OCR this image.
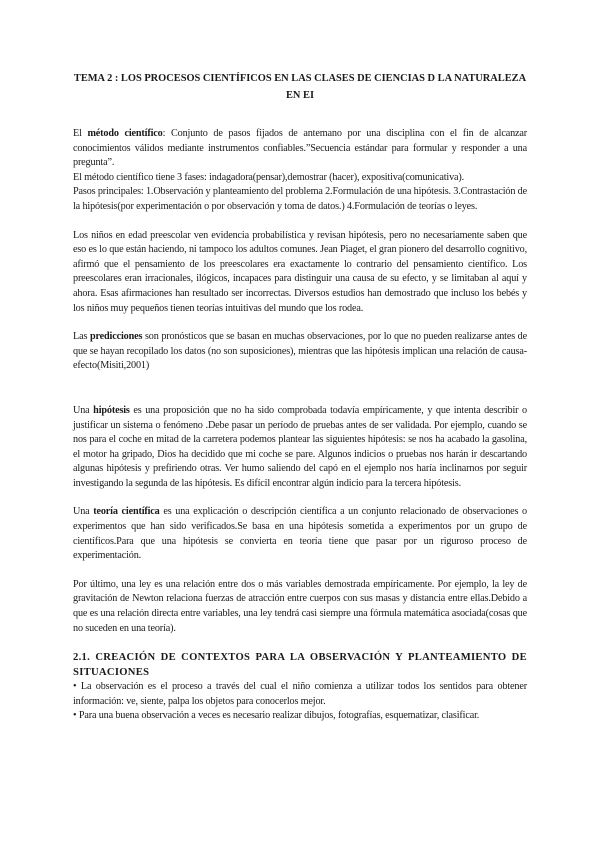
TEMA 2 : LOS PROCESOS CIENTÍFICOS EN LAS CLASES DE CIENCIAS D LA NATURALEZA EN EI

El método científico: Conjunto de pasos fijados de antemano por una disciplina con el fin de alcanzar conocimientos válidos mediante instrumentos confiables.”Secuencia estándar para formular y responder a una pregunta”.

El método científico tiene 3 fases: indagadora(pensar),demostrar (hacer), expositiva(comunicativa).

Pasos principales: 1.Observación y planteamiento del problema 2.Formulación de una hipótesis. 3.Contrastación de la hipótesis(por experimentación o por observación y toma de datos.) 4.Formulación de teorías o leyes.

Los niños en edad preescolar ven evidencia probabilística y revisan hipótesis, pero no necesariamente saben que eso es lo que están haciendo, ni tampoco los adultos comunes. Jean Piaget, el gran pionero del desarrollo cognitivo, afirmó que el pensamiento de los preescolares era exactamente lo contrario del pensamiento científico. Los preescolares eran irracionales, ilógicos, incapaces para distinguir una causa de su efecto, y se limitaban al aquí y ahora. Esas afirmaciones han resultado ser incorrectas. Diversos estudios han demostrado que incluso los bebés y los niños muy pequeños tienen teorías intuitivas del mundo que los rodea.

Las predicciones son pronósticos que se basan en muchas observaciones, por lo que no pueden realizarse antes de que se hayan recopilado los datos (no son suposiciones), mientras que las hipótesis implican una relación de causa-efecto(Misiti,2001)

Una hipótesis es una proposición que no ha sido comprobada todavía empíricamente, y que intenta describir o justificar un sistema o fenómeno .Debe pasar un período de pruebas antes de ser validada. Por ejemplo, cuando se nos para el coche en mitad de la carretera podemos plantear las siguientes hipótesis: se nos ha acabado la gasolina, el motor ha gripado, Dios ha decidido que mi coche se pare. Algunos indicios o pruebas nos harán ir descartando algunas hipótesis y prefiriendo otras. Ver humo saliendo del capó en el ejemplo nos haría inclinarnos por seguir investigando la segunda de las hipótesis. Es difícil encontrar algún indicio para la tercera hipótesis.

Una teoría científica es una explicación o descripción científica a un conjunto relacionado de observaciones o experimentos que han sido verificados.Se basa en una hipótesis sometida a experimentos por un grupo de científicos.Para que una hipótesis se convierta en teoría tiene que pasar por un riguroso proceso de experimentación.

Por último, una ley es una relación entre dos o más variables demostrada empíricamente. Por ejemplo, la ley de gravitación de Newton relaciona fuerzas de atracción entre cuerpos con sus masas y distancia entre ellas.Debido a que es una relación directa entre variables, una ley tendrá casi siempre una fórmula matemática asociada(cosas que no suceden en una teoría).

2.1. CREACIÓN DE CONTEXTOS PARA LA OBSERVACIÓN Y PLANTEAMIENTO DE SITUACIONES

• La observación es el proceso a través del cual el niño comienza a utilizar todos los sentidos para obtener información: ve, siente, palpa los objetos para conocerlos mejor.

• Para una buena observación a veces es necesario realizar dibujos, fotografías, esquematizar, clasificar.
